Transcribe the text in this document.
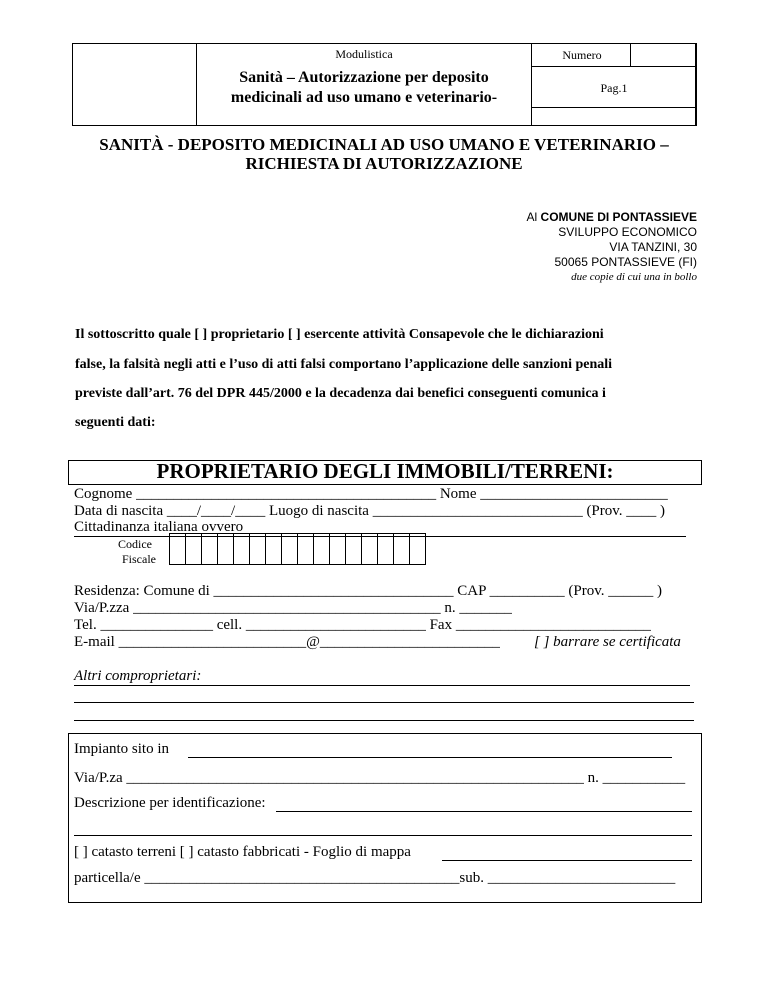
Modulistica
Sanità – Autorizzazione per deposito
medicinali ad uso umano e veterinario-
Numero
Pag.1
SANITÀ - DEPOSITO MEDICINALI AD USO UMANO E VETERINARIO –
RICHIESTA DI AUTORIZZAZIONE
Al COMUNE DI PONTASSIEVE
SVILUPPO ECONOMICO
VIA TANZINI, 30
50065 PONTASSIEVE (FI)
due copie di cui una in bollo
Il sottoscritto quale [ ] proprietario [ ] esercente attività Consapevole che le dichiarazioni
false, la falsità negli atti e l’uso di atti falsi comportano l’applicazione delle sanzioni penali
previste dall’art. 76 del DPR 445/2000 e la decadenza dai benefici conseguenti comunica i
seguenti dati:
PROPRIETARIO DEGLI IMMOBILI/TERRENI:
Cognome ________________________________________ Nome _________________________
Data di nascita ____/____/____ Luogo di nascita ____________________________ (Prov. ____ )
Cittadinanza italiana ovvero
Codice
Fiscale
Residenza: Comune di ________________________________ CAP __________ (Prov. ______ )
Via/P.zza _________________________________________ n. _______
Tel. _______________ cell. ________________________ Fax __________________________
E-mail _________________________@________________________ [ ] barrare se certificata
Altri comproprietari:
Impianto sito in
Via/P.za _____________________________________________________________ n. ___________
Descrizione per identificazione:
[ ] catasto terreni [ ] catasto fabbricati - Foglio di mappa
particella/e __________________________________________sub. _________________________
